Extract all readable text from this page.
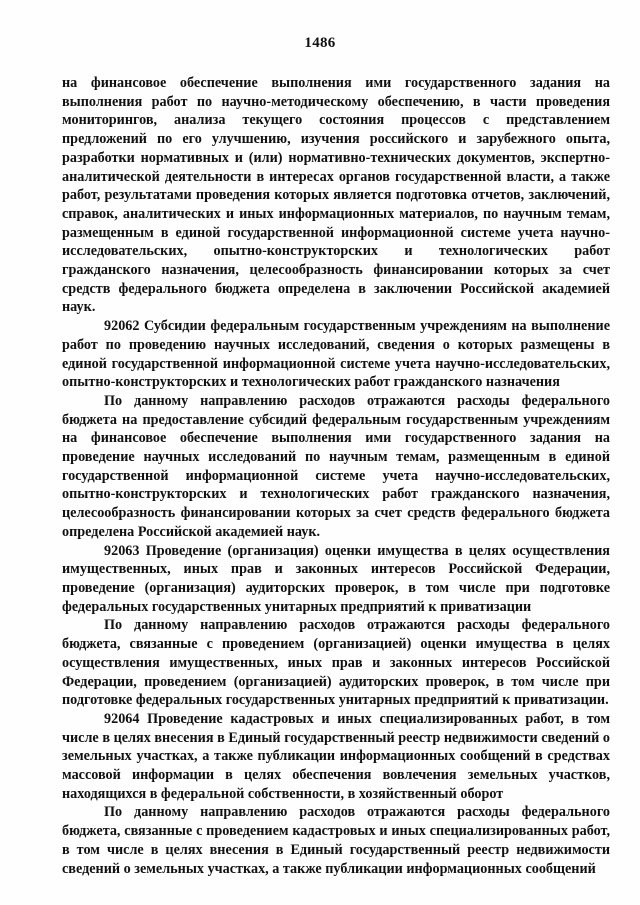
1486

на финансовое обеспечение выполнения ими государственного задания на выполнения работ по научно-методическому обеспечению, в части проведения мониторингов, анализа текущего состояния процессов с представлением предложений по его улучшению, изучения российского и зарубежного опыта, разработки нормативных и (или) нормативно-технических документов, экспертно-аналитической деятельности в интересах органов государственной власти, а также работ, результатами проведения которых является подготовка отчетов, заключений, справок, аналитических и иных информационных материалов, по научным темам, размещенным в единой государственной информационной системе учета научно-исследовательских, опытно-конструкторских и технологических работ гражданского назначения, целесообразность финансировании которых за счет средств федерального бюджета определена в заключении Российской академией наук.

92062 Субсидии федеральным государственным учреждениям на выполнение работ по проведению научных исследований, сведения о которых размещены в единой государственной информационной системе учета научно-исследовательских, опытно-конструкторских и технологических работ гражданского назначения

По данному направлению расходов отражаются расходы федерального бюджета на предоставление субсидий федеральным государственным учреждениям на финансовое обеспечение выполнения ими государственного задания на проведение научных исследований по научным темам, размещенным в единой государственной информационной системе учета научно-исследовательских, опытно-конструкторских и технологических работ гражданского назначения, целесообразность финансировании которых за счет средств федерального бюджета определена Российской академией наук.

92063 Проведение (организация) оценки имущества в целях осуществления имущественных, иных прав и законных интересов Российской Федерации, проведение (организация) аудиторских проверок, в том числе при подготовке федеральных государственных унитарных предприятий к приватизации

По данному направлению расходов отражаются расходы федерального бюджета, связанные с проведением (организацией) оценки имущества в целях осуществления имущественных, иных прав и законных интересов Российской Федерации, проведением (организацией) аудиторских проверок, в том числе при подготовке федеральных государственных унитарных предприятий к приватизации.

92064 Проведение кадастровых и иных специализированных работ, в том числе в целях внесения в Единый государственный реестр недвижимости сведений о земельных участках, а также публикации информационных сообщений в средствах массовой информации в целях обеспечения вовлечения земельных участков, находящихся в федеральной собственности, в хозяйственный оборот

По данному направлению расходов отражаются расходы федерального бюджета, связанные с проведением кадастровых и иных специализированных работ, в том числе в целях внесения в Единый государственный реестр недвижимости сведений о земельных участках, а также публикации информационных сообщений
